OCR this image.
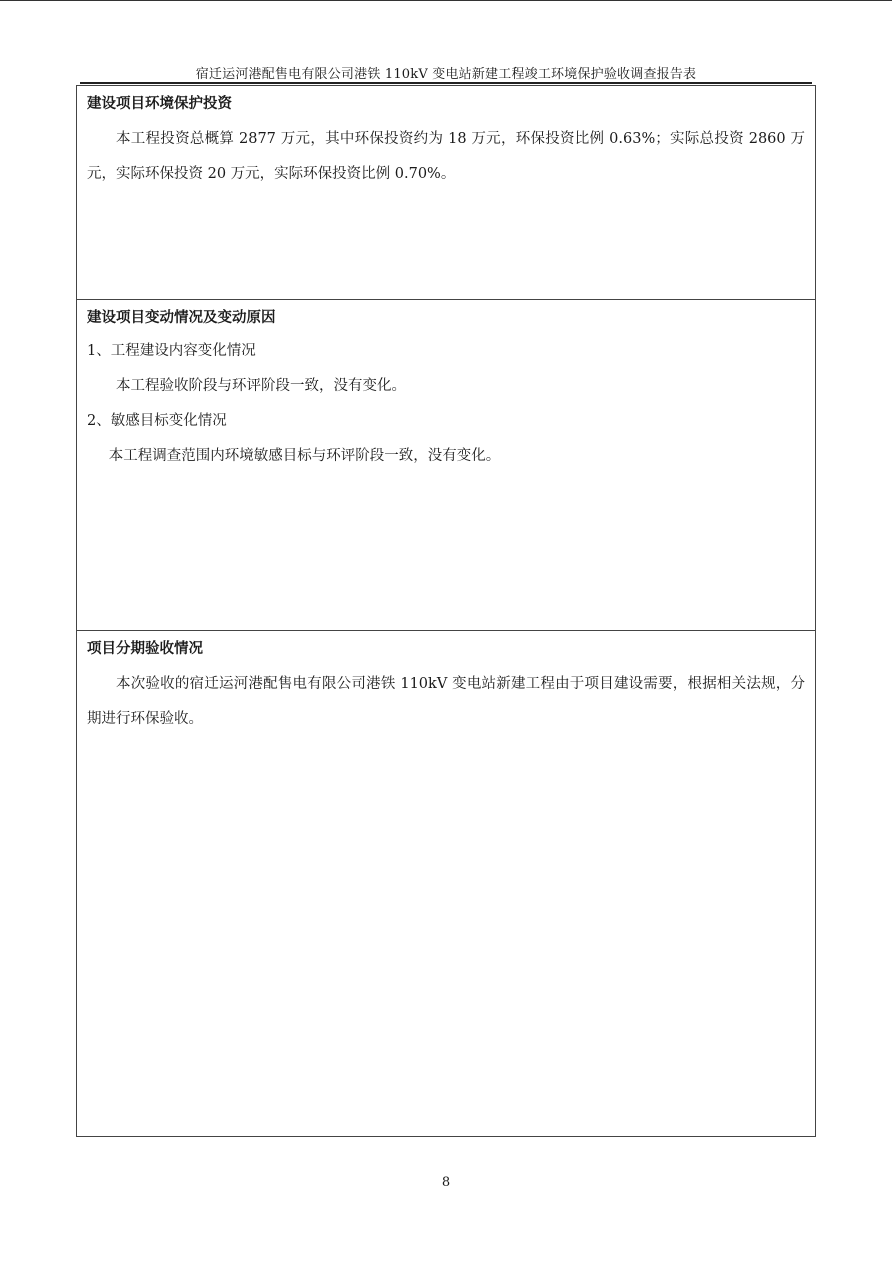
宿迁运河港配售电有限公司港铁 110kV 变电站新建工程竣工环境保护验收调查报告表
建设项目环境保护投资

本工程投资总概算 2877 万元，其中环保投资约为 18 万元，环保投资比例 0.63%；实际总投资 2860 万元，实际环保投资 20 万元，实际环保投资比例 0.70%。

建设项目变动情况及变动原因

1、工程建设内容变化情况

本工程验收阶段与环评阶段一致，没有变化。

2、敏感目标变化情况

本工程调查范围内环境敏感目标与环评阶段一致，没有变化。

项目分期验收情况

本次验收的宿迁运河港配售电有限公司港铁 110kV 变电站新建工程由于项目建设需要，根据相关法规，分期进行环保验收。

8
